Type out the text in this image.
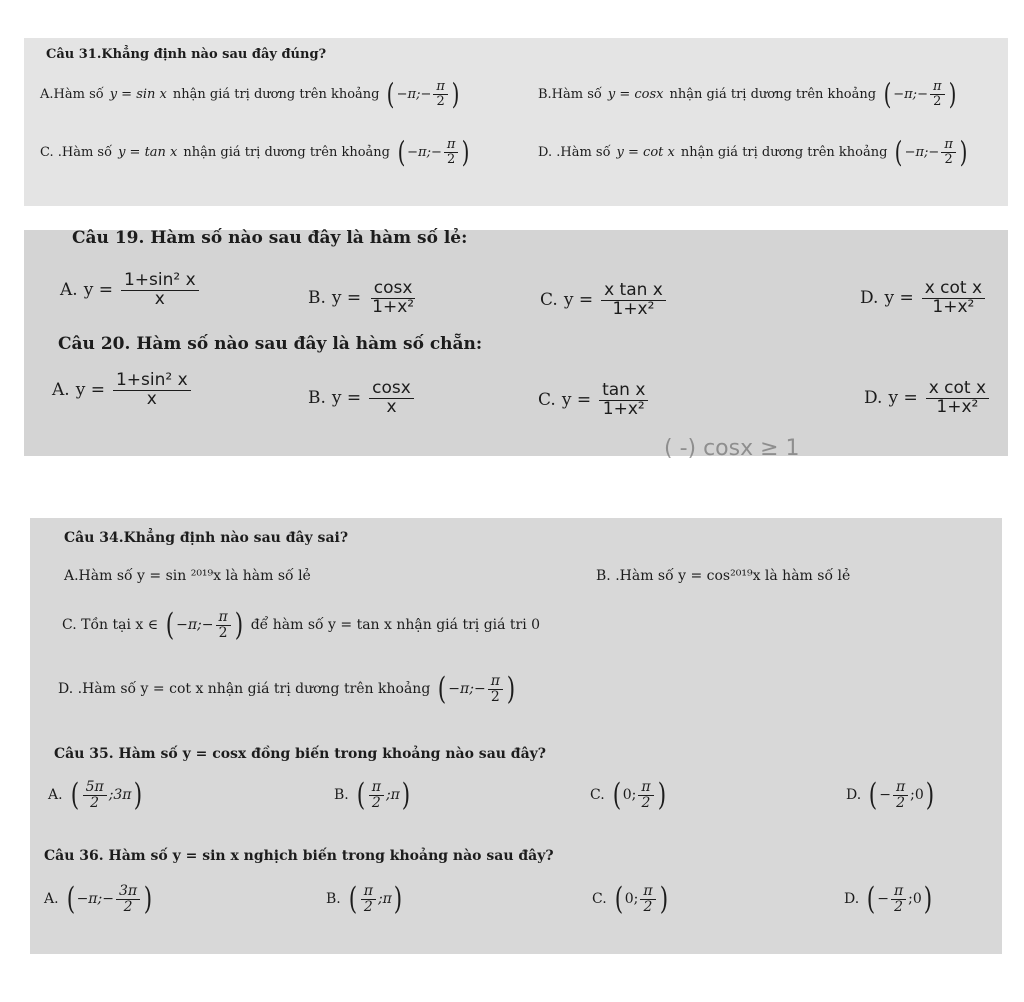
Câu 31.Khẳng định nào sau đây đúng?
A.Hàm số y = sin x nhận giá trị dương trên khoảng ( −π;− $\frac{\pi}{2}$ )	B.Hàm số y = cosx nhận giá trị dương trên khoảng ( −π;− $\frac{\pi}{2}$ )
C. .Hàm số y = tan x nhận giá trị dương trên khoảng ( −π;− $\frac{\pi}{2}$ )	D. .Hàm số y = cot x nhận giá trị dương trên khoảng ( −π;− $\frac{\pi}{2}$ )
Câu 19. Hàm số nào sau đây là hàm số lẻ:
A. $y = \frac{\text{1+sin² x}}{x}$	B. $y = \frac{\cos x}{\text{1+x²}}$	C. $y = \frac{\text{x tan x}}{\text{1+x²}}$	D. $y = \frac{\text{x cot x}}{\text{1+x²}}$
Câu 20. Hàm số nào sau đây là hàm số chẵn:
A. $y = \frac{\text{1+sin² x}}{x}$	B. $y = \frac{\cos x}{x}$	C. $y = \frac{\text{tan x}}{\text{1+x²}}$	D. $y = \frac{\text{x cot x}}{\text{1+x²}}$
( -) cosx ≥ 1
Câu 34.Khẳng định nào sau đây sai?
A.Hàm số y = sin ²⁰¹⁹x là hàm số lẻ	B. .Hàm số y = cos²⁰¹⁹x là hàm số lẻ
C. Tồn tại x ∈ ( −π;− $\frac{\pi}{2}$ ) để hàm số y = tan x nhận giá trị giá tri 0
D. .Hàm số y = cot x nhận giá trị dương trên khoảng ( −π;− $\frac{\pi}{2}$ )
Câu 35. Hàm số y = cosx đồng biến trong khoảng nào sau đây?
A. ( $\frac{5\pi}{2}$ ;3π )	B. ( $\frac{\pi}{2}$ ;π )	C. ( 0; $\frac{\pi}{2}$ )	D. ( − $\frac{\pi}{2}$ ;0 )
Câu 36. Hàm số y = sin x nghịch biến trong khoảng nào sau đây?
A. ( −π;− $\frac{3\pi}{2}$ )	B. ( $\frac{\pi}{2}$ ;π )	C. ( 0; $\frac{\pi}{2}$ )	D. ( − $\frac{\pi}{2}$ ;0 )
